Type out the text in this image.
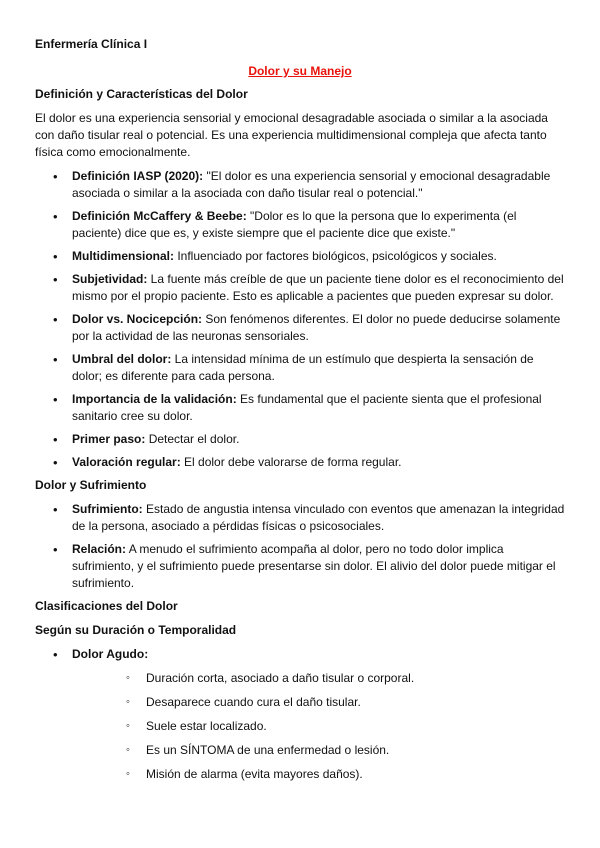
Enfermería Clínica I
Dolor y su Manejo
Definición y Características del Dolor

El dolor es una experiencia sensorial y emocional desagradable asociada o similar a la asociada con daño tisular real o potencial. Es una experiencia multidimensional compleja que afecta tanto física como emocionalmente.

• Definición IASP (2020): "El dolor es una experiencia sensorial y emocional desagradable asociada o similar a la asociada con daño tisular real o potencial."
• Definición McCaffery & Beebe: "Dolor es lo que la persona que lo experimenta (el paciente) dice que es, y existe siempre que el paciente dice que existe."
• Multidimensional: Influenciado por factores biológicos, psicológicos y sociales.
• Subjetividad: La fuente más creíble de que un paciente tiene dolor es el reconocimiento del mismo por el propio paciente. Esto es aplicable a pacientes que pueden expresar su dolor.
• Dolor vs. Nocicepción: Son fenómenos diferentes. El dolor no puede deducirse solamente por la actividad de las neuronas sensoriales.
• Umbral del dolor: La intensidad mínima de un estímulo que despierta la sensación de dolor; es diferente para cada persona.
• Importancia de la validación: Es fundamental que el paciente sienta que el profesional sanitario cree su dolor.
• Primer paso: Detectar el dolor.
• Valoración regular: El dolor debe valorarse de forma regular.
Dolor y Sufrimiento
• Sufrimiento: Estado de angustia intensa vinculado con eventos que amenazan la integridad de la persona, asociado a pérdidas físicas o psicosociales.
• Relación: A menudo el sufrimiento acompaña al dolor, pero no todo dolor implica sufrimiento, y el sufrimiento puede presentarse sin dolor. El alivio del dolor puede mitigar el sufrimiento.
Clasificaciones del Dolor
Según su Duración o Temporalidad
• Dolor Agudo:
◦ Duración corta, asociado a daño tisular o corporal.
◦ Desaparece cuando cura el daño tisular.
◦ Suele estar localizado.
◦ Es un SÍNTOMA de una enfermedad o lesión.
◦ Misión de alarma (evita mayores daños).
